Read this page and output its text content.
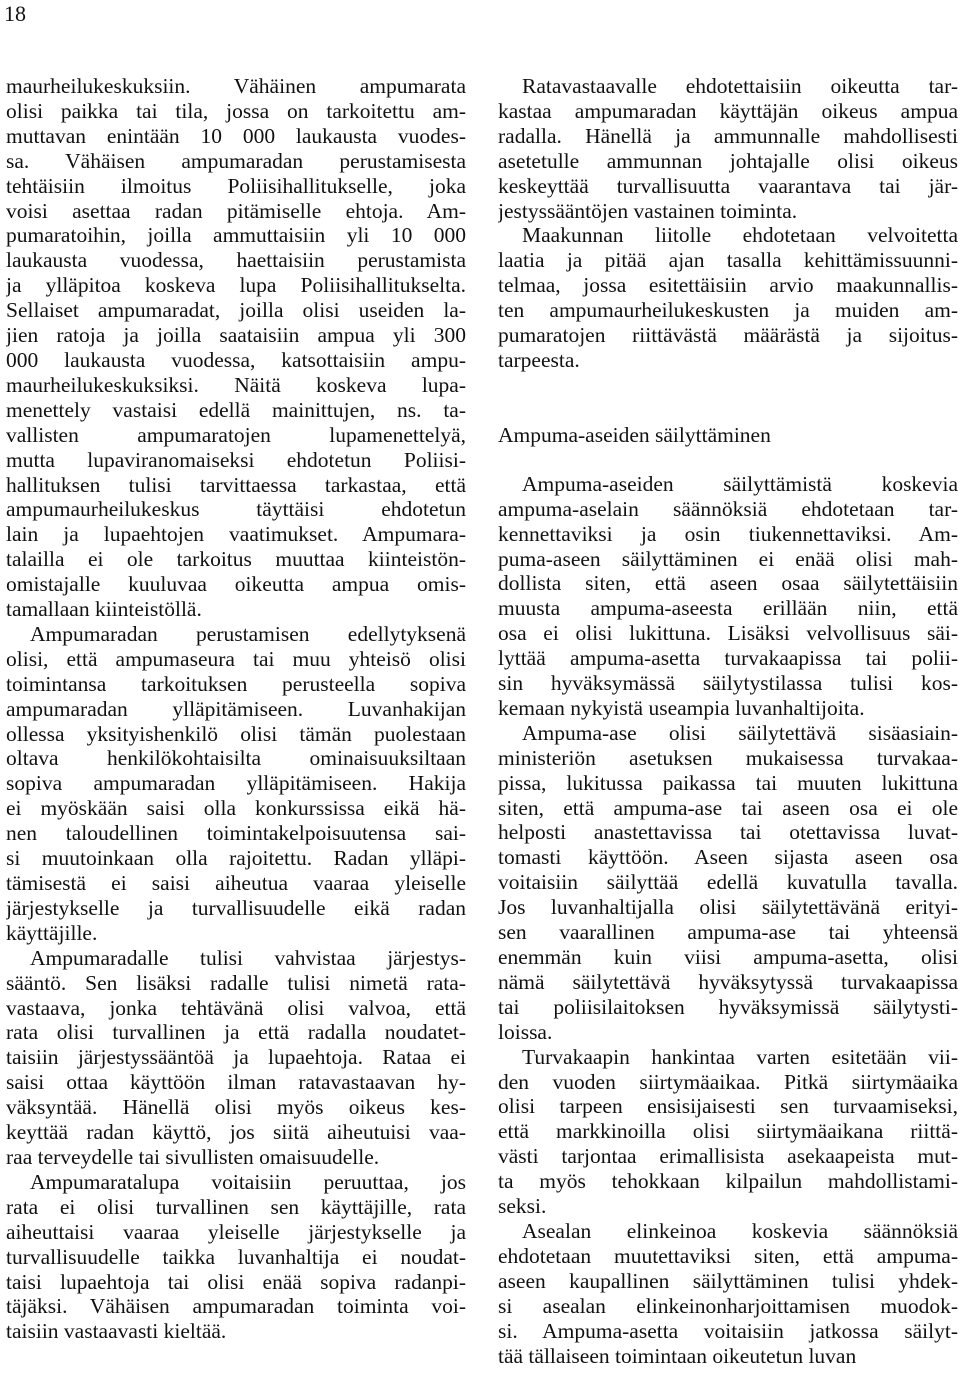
18

maurheilukeskuksiin. Vähäinen ampumarata
olisi paikka tai tila, jossa on tarkoitettu am-
muttavan enintään 10 000 laukausta vuodes-
sa. Vähäisen ampumaradan perustamisesta
tehtäisiin ilmoitus Poliisihallitukselle, joka
voisi asettaa radan pitämiselle ehtoja. Am-
pumaratoihin, joilla ammuttaisiin yli 10 000
laukausta vuodessa, haettaisiin perustamista
ja ylläpitoa koskeva lupa Poliisihallitukselta.
Sellaiset ampumaradat, joilla olisi useiden la-
jien ratoja ja joilla saataisiin ampua yli 300
000 laukausta vuodessa, katsottaisiin ampu-
maurheilukeskuksiksi. Näitä koskeva lupa-
menettely vastaisi edellä mainittujen, ns. ta-
vallisten ampumaratojen lupamenettelyä,
mutta lupaviranomaiseksi ehdotetun Poliisi-
hallituksen tulisi tarvittaessa tarkastaa, että
ampumaurheilukeskus täyttäisi ehdotetun
lain ja lupaehtojen vaatimukset. Ampumara-
talailla ei ole tarkoitus muuttaa kiinteistön-
omistajalle kuuluvaa oikeutta ampua omis-
tamallaan kiinteistöllä.

Ampumaradan perustamisen edellytyksenä
olisi, että ampumaseura tai muu yhteisö olisi
toimintansa tarkoituksen perusteella sopiva
ampumaradan ylläpitämiseen. Luvanhakijan
ollessa yksityishenkilö olisi tämän puolestaan
oltava henkilökohtaisilta ominaisuuksiltaan
sopiva ampumaradan ylläpitämiseen. Hakija
ei myöskään saisi olla konkurssissa eikä hä-
nen taloudellinen toimintakelpoisuutensa sai-
si muutoinkaan olla rajoitettu. Radan ylläpi-
tämisestä ei saisi aiheutua vaaraa yleiselle
järjestykselle ja turvallisuudelle eikä radan
käyttäjille.

Ampumaradalle tulisi vahvistaa järjestys-
sääntö. Sen lisäksi radalle tulisi nimetä rata-
vastaava, jonka tehtävänä olisi valvoa, että
rata olisi turvallinen ja että radalla noudatet-
taisiin järjestyssääntöä ja lupaehtoja. Rataa ei
saisi ottaa käyttöön ilman ratavastaavan hy-
väksyntää. Hänellä olisi myös oikeus kes-
keyttää radan käyttö, jos siitä aiheutuisi vaa-
raa terveydelle tai sivullisten omaisuudelle.

Ampumaratalupa voitaisiin peruuttaa, jos
rata ei olisi turvallinen sen käyttäjille, rata
aiheuttaisi vaaraa yleiselle järjestykselle ja
turvallisuudelle taikka luvanhaltija ei noudat-
taisi lupaehtoja tai olisi enää sopiva radanpi-
täjäksi. Vähäisen ampumaradan toiminta voi-
taisiin vastaavasti kieltää.

Ratavastaavalle ehdotettaisiin oikeutta tar-
kastaa ampumaradan käyttäjän oikeus ampua
radalla. Hänellä ja ammunnalle mahdollisesti
asetetulle ammunnan johtajalle olisi oikeus
keskeyttää turvallisuutta vaarantava tai jär-
jestyssääntöjen vastainen toiminta.

Maakunnan liitolle ehdotetaan velvoitetta
laatia ja pitää ajan tasalla kehittämissuunni-
telmaa, jossa esitettäisiin arvio maakunnallis-
ten ampumaurheilukeskusten ja muiden am-
pumaratojen riittävästä määrästä ja sijoitus-
tarpeesta.

Ampuma-aseiden säilyttäminen

Ampuma-aseiden säilyttämistä koskevia
ampuma-aselain säännöksiä ehdotetaan tar-
kennettaviksi ja osin tiukennettaviksi. Am-
puma-aseen säilyttäminen ei enää olisi mah-
dollista siten, että aseen osaa säilytettäisiin
muusta ampuma-aseesta erillään niin, että
osa ei olisi lukittuna. Lisäksi velvollisuus säi-
lyttää ampuma-asetta turvakaapissa tai polii-
sin hyväksymässä säilytystilassa tulisi kos-
kemaan nykyistä useampia luvanhaltijoita.

Ampuma-ase olisi säilytettävä sisäasiain-
ministeriön asetuksen mukaisessa turvakaa-
pissa, lukitussa paikassa tai muuten lukittuna
siten, että ampuma-ase tai aseen osa ei ole
helposti anastettavissa tai otettavissa luvat-
tomasti käyttöön. Aseen sijasta aseen osa
voitaisiin säilyttää edellä kuvatulla tavalla.
Jos luvanhaltijalla olisi säilytettävänä erityi-
sen vaarallinen ampuma-ase tai yhteensä
enemmän kuin viisi ampuma-asetta, olisi
nämä säilytettävä hyväksytyssä turvakaapissa
tai poliisilaitoksen hyväksymissä säilytysti-
loissa.

Turvakaapin hankintaa varten esitetään vii-
den vuoden siirtymäaikaa. Pitkä siirtymäaika
olisi tarpeen ensisijaisesti sen turvaamiseksi,
että markkinoilla olisi siirtymäaikana riittä-
västi tarjontaa erimallisista asekaapeista mut-
ta myös tehokkaan kilpailun mahdollistami-
seksi.

Asealan elinkeinoa koskevia säännöksiä
ehdotetaan muutettaviksi siten, että ampuma-
aseen kaupallinen säilyttäminen tulisi yhdek-
si asealan elinkeinonharjoittamisen muodok-
si. Ampuma-asetta voitaisiin jatkossa säilyt-
tää tällaiseen toimintaan oikeutetun luvan
